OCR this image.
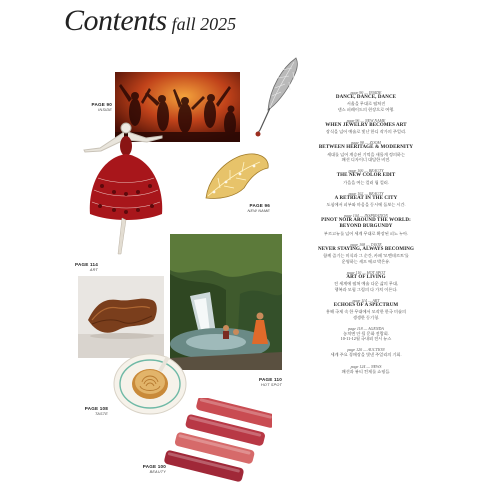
Contents fall 2025
PAGE 90
INSIDE
PAGE 96
NEW NAME
PAGE 114
ART
PAGE 110
HOT SPOT
PAGE 108
TASTE
PAGE 100
BEAUTY
page 90 — INSIDE
DANCE, DANCE, DANCE
서울을 무대로 펼쳐진
댄스 퍼레이드의 현장으로 여행.
page 96 — NEW NAME
WHEN JEWELRY BECOMES ART
장식을 넘어 예술로 빛난 한디 작가의 주얼리.
page 98 — ZOOM
BETWEEN HERITAGE & MODERNITY
세대를 넘어 계승된 기억을 새롭게 정의하는
패션 디자이너 대담한 비전.
page 100 — BEAUTY
THE NEW COLOR EDIT
가을을 여는 컬러 립 컬러.
page 102 — BEAUTY
A RETREAT IN THE CITY
도심에서 피부와 마음을 동시에 돌보는 시간.
page 104 — INSPIRATION
PINOT NOIR AROUND THE WORLD:
BEYOND BURGUNDY
부르고뉴를 넘어 세계 무대로 확장된 피노 누아.
page 108 — TASTE
NEVER STAYING, ALWAYS BECOMING
함께 즐기는 미식과 그 순간, 카페 '모멘데르트'를
운영하는 셰프 에코 박은유.
page 110 — HOT SPOT
ART OF LIVING
전 세계에 펼쳐 예술 다운 삶의 무대,
행복과 모험 그림의 다 가치 이론다.
page 114 — ART
ECHOES OF A SPECTRUM
홍해 국제 속 한 무대에서 모작한 한국 미술의
생생한 동기청.
page 118 — AGENDA
놓치면 안 될 문화 전람회.
10-11-12월 국내외 전시 뉴스
page 120 — AUCTION
세계 주요 경매장을 빛낸 주얼리의 기회.
page 124 — NEWS
패션과 뷰티 컨제를 쇼핑들.
